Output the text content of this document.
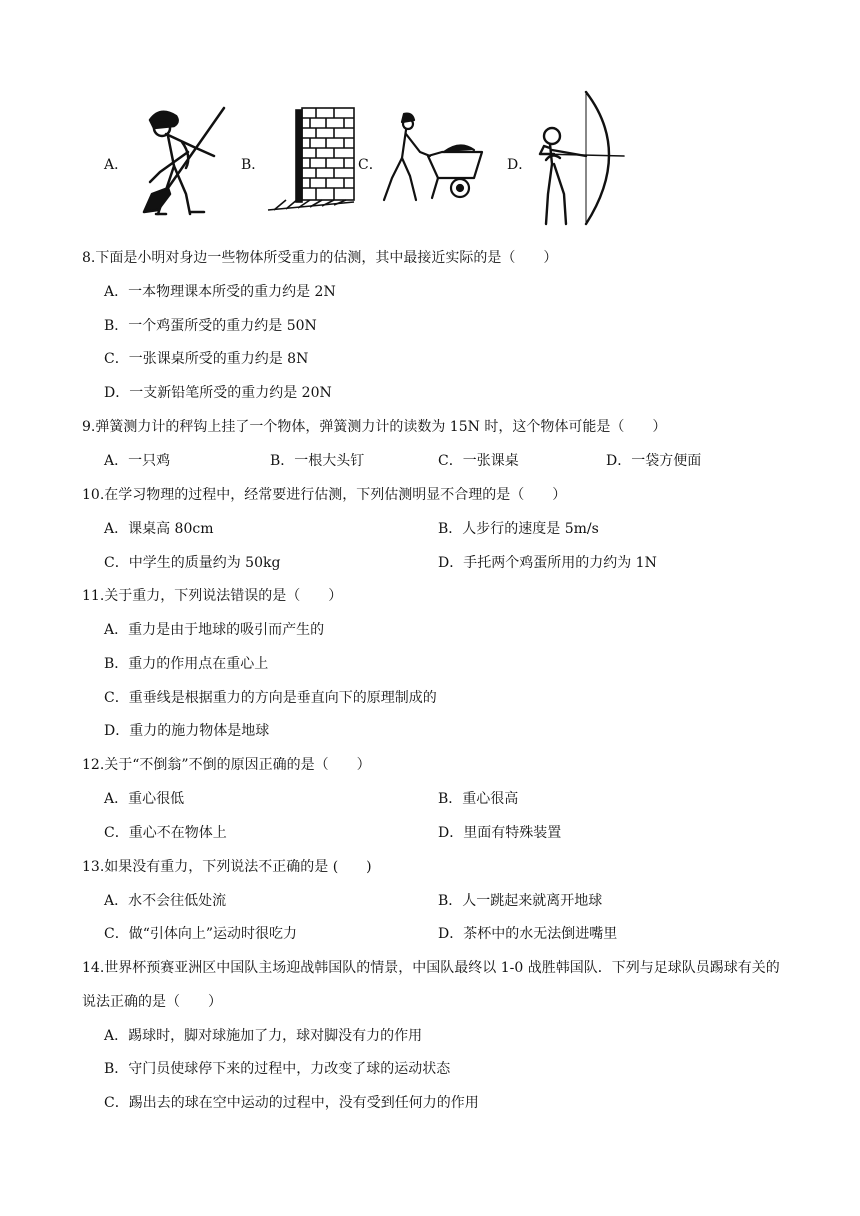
A．	B．	C．	D．
8.下面是小明对身边一些物体所受重力的估测，其中最接近实际的是（　　）
A．一本物理课本所受的重力约是 2N
B．一个鸡蛋所受的重力约是 50N
C．一张课桌所受的重力约是 8N
D．一支新铅笔所受的重力约是 20N
9.弹簧测力计的秤钩上挂了一个物体，弹簧测力计的读数为 15N 时，这个物体可能是（　　）
A．一只鸡	B．一根大头钉	C．一张课桌	D．一袋方便面
10.在学习物理的过程中，经常要进行估测，下列估测明显不合理的是（　　）
A．课桌高 80cm	B．人步行的速度是 5m/s
C．中学生的质量约为 50kg	D．手托两个鸡蛋所用的力约为 1N
11.关于重力，下列说法错误的是（　　）
A．重力是由于地球的吸引而产生的
B．重力的作用点在重心上
C．重垂线是根据重力的方向是垂直向下的原理制成的
D．重力的施力物体是地球
12.关于“不倒翁”不倒的原因正确的是（　　）
A．重心很低	B．重心很高
C．重心不在物体上	D．里面有特殊装置
13.如果没有重力，下列说法不正确的是 (　　)
A．水不会往低处流	B．人一跳起来就离开地球
C．做“引体向上”运动时很吃力	D．茶杯中的水无法倒进嘴里
14.世界杯预赛亚洲区中国队主场迎战韩国队的情景，中国队最终以 1-0 战胜韩国队．下列与足球队员踢球有关的说法正确的是（　　）
A．踢球时，脚对球施加了力，球对脚没有力的作用
B．守门员使球停下来的过程中，力改变了球的运动状态
C．踢出去的球在空中运动的过程中，没有受到任何力的作用
